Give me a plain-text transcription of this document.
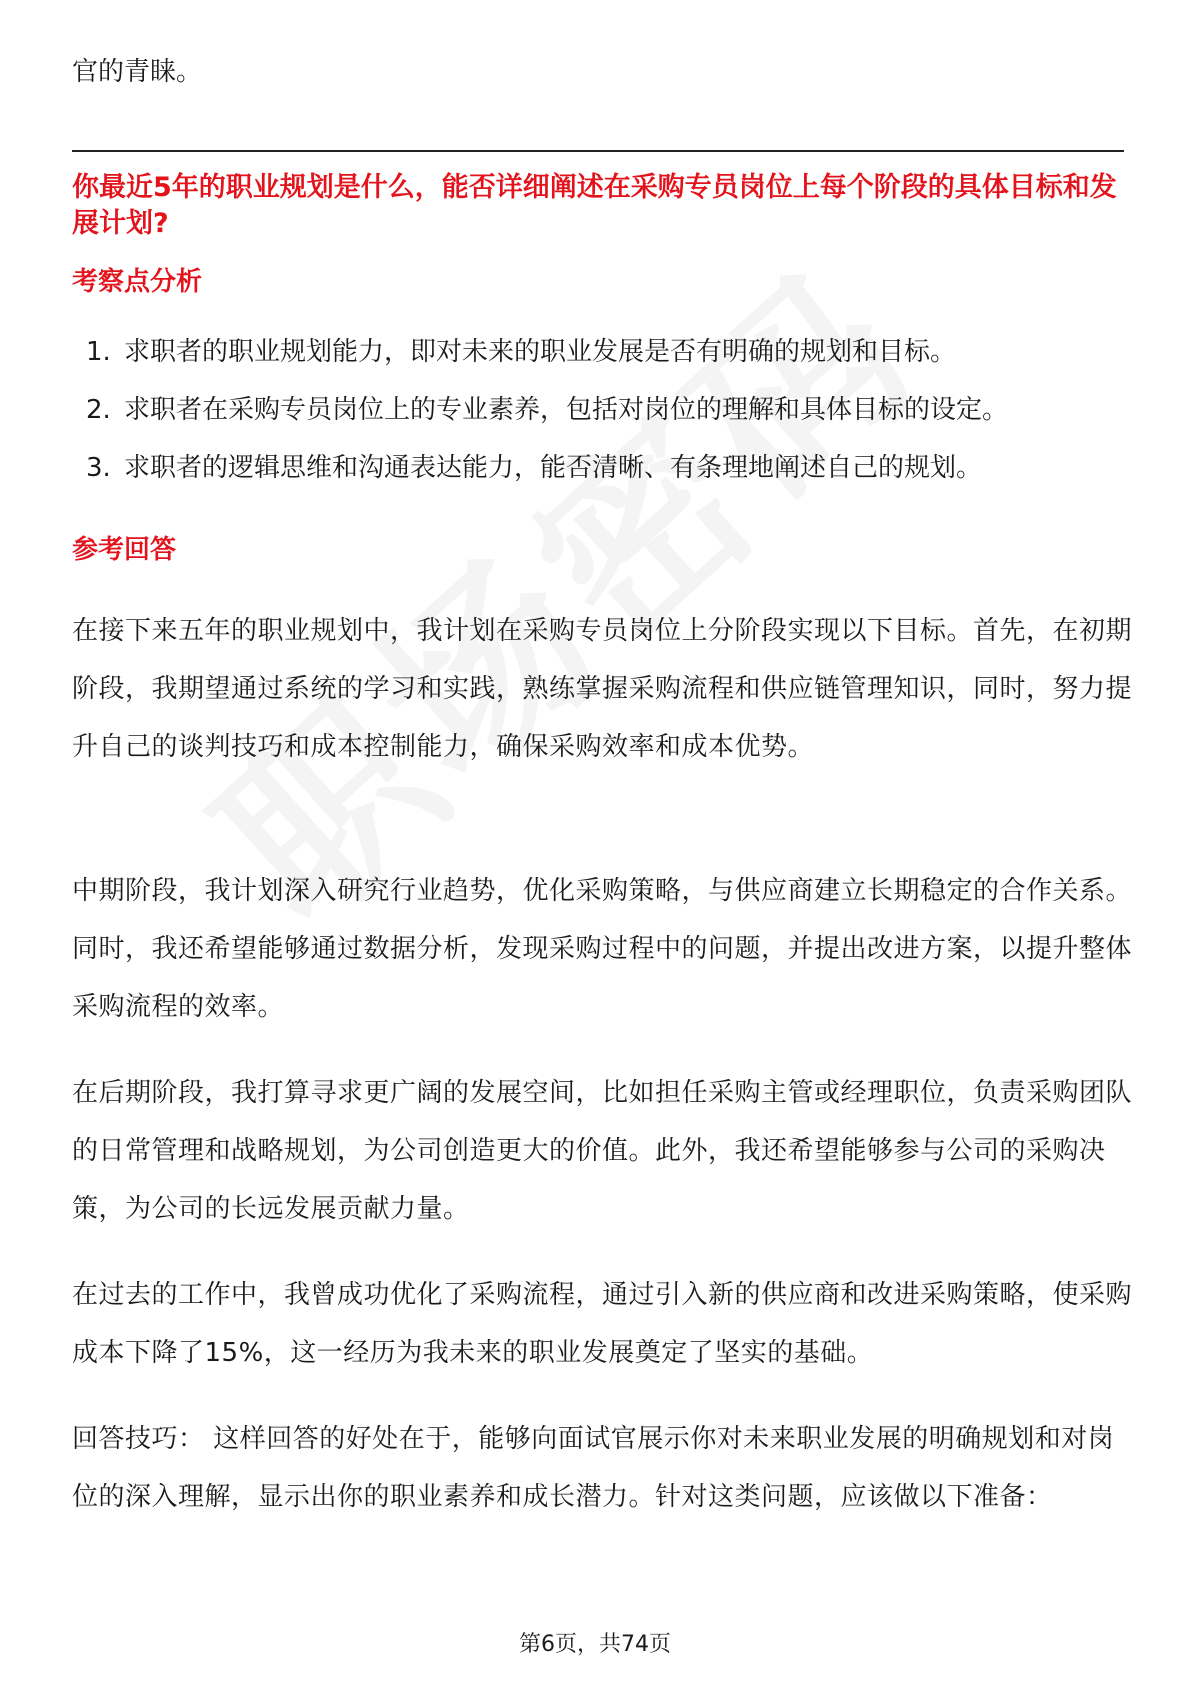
官的青睐。

你最近5年的职业规划是什么，能否详细阐述在采购专员岗位上每个阶段的具体目标和发展计划?
考察点分析
1. 求职者的职业规划能力，即对未来的职业发展是否有明确的规划和目标。
2. 求职者在采购专员岗位上的专业素养，包括对岗位的理解和具体目标的设定。
3. 求职者的逻辑思维和沟通表达能力，能否清晰、有条理地阐述自己的规划。
参考回答

在接下来五年的职业规划中，我计划在采购专员岗位上分阶段实现以下目标。首先，在初期阶段，我期望通过系统的学习和实践，熟练掌握采购流程和供应链管理知识，同时，努力提升自己的谈判技巧和成本控制能力，确保采购效率和成本优势。

中期阶段，我计划深入研究行业趋势，优化采购策略，与供应商建立长期稳定的合作关系。同时，我还希望能够通过数据分析，发现采购过程中的问题，并提出改进方案，以提升整体采购流程的效率。

在后期阶段，我打算寻求更广阔的发展空间，比如担任采购主管或经理职位，负责采购团队的日常管理和战略规划，为公司创造更大的价值。此外，我还希望能够参与公司的采购决策，为公司的长远发展贡献力量。

在过去的工作中，我曾成功优化了采购流程，通过引入新的供应商和改进采购策略，使采购成本下降了15%，这一经历为我未来的职业发展奠定了坚实的基础。

回答技巧： 这样回答的好处在于，能够向面试官展示你对未来职业发展的明确规划和对岗位的深入理解，显示出你的职业素养和成长潜力。针对这类问题，应该做以下准备：

第6页，共74页
